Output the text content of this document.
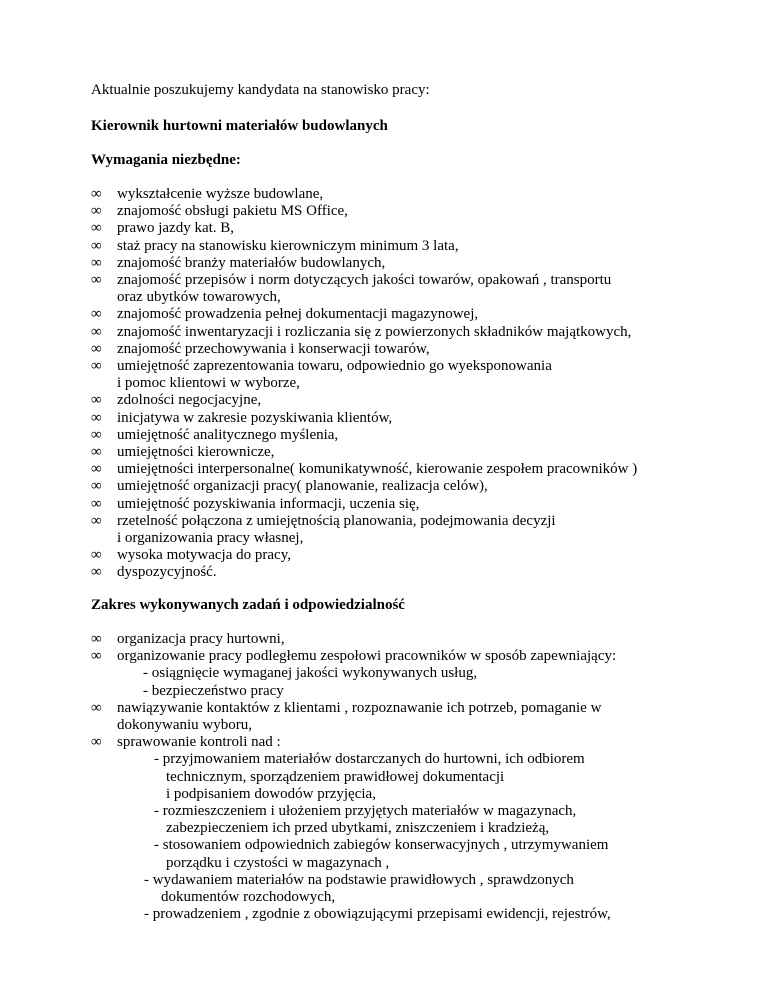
Aktualnie poszukujemy kandydata na stanowisko pracy:
Kierownik hurtowni materiałów budowlanych
Wymagania niezbędne:
∞	wykształcenie wyższe budowlane,
∞	znajomość obsługi pakietu MS Office,
∞	prawo jazdy kat. B,
∞	staż pracy na stanowisku kierowniczym minimum 3 lata,
∞	znajomość branży materiałów budowlanych,
∞	znajomość przepisów i norm dotyczących jakości towarów, opakowań , transportu
oraz ubytków towarowych,
∞	znajomość prowadzenia pełnej dokumentacji magazynowej,
∞	znajomość inwentaryzacji i rozliczania się z powierzonych składników majątkowych,
∞	znajomość przechowywania i konserwacji towarów,
∞	umiejętność zaprezentowania towaru, odpowiednio go wyeksponowania
i pomoc klientowi w wyborze,
∞	zdolności negocjacyjne,
∞	inicjatywa w zakresie pozyskiwania klientów,
∞	umiejętność analitycznego myślenia,
∞	umiejętności kierownicze,
∞	umiejętności interpersonalne( komunikatywność, kierowanie zespołem pracowników )
∞	umiejętność organizacji pracy( planowanie, realizacja celów),
∞	umiejętność pozyskiwania informacji, uczenia się,
∞	rzetelność połączona z umiejętnością planowania, podejmowania decyzji
i organizowania pracy własnej,
∞	wysoka motywacja do pracy,
∞	dyspozycyjność.
Zakres wykonywanych zadań i odpowiedzialność
∞	organizacja pracy hurtowni,
∞	organizowanie pracy podległemu zespołowi pracowników w sposób zapewniający:
- osiągnięcie wymaganej jakości wykonywanych usług,
- bezpieczeństwo pracy
∞	nawiązywanie kontaktów z klientami , rozpoznawanie ich potrzeb, pomaganie w
dokonywaniu wyboru,
∞	sprawowanie kontroli nad :
- przyjmowaniem materiałów dostarczanych do hurtowni, ich odbiorem
technicznym, sporządzeniem prawidłowej dokumentacji
i podpisaniem dowodów przyjęcia,
- rozmieszczeniem i ułożeniem przyjętych materiałów w magazynach,
zabezpieczeniem ich przed ubytkami, zniszczeniem i kradzieżą,
- stosowaniem odpowiednich zabiegów konserwacyjnych , utrzymywaniem
porządku i czystości w magazynach ,
- wydawaniem materiałów na podstawie prawidłowych , sprawdzonych
dokumentów rozchodowych,
- prowadzeniem , zgodnie z obowiązującymi przepisami ewidencji, rejestrów,
